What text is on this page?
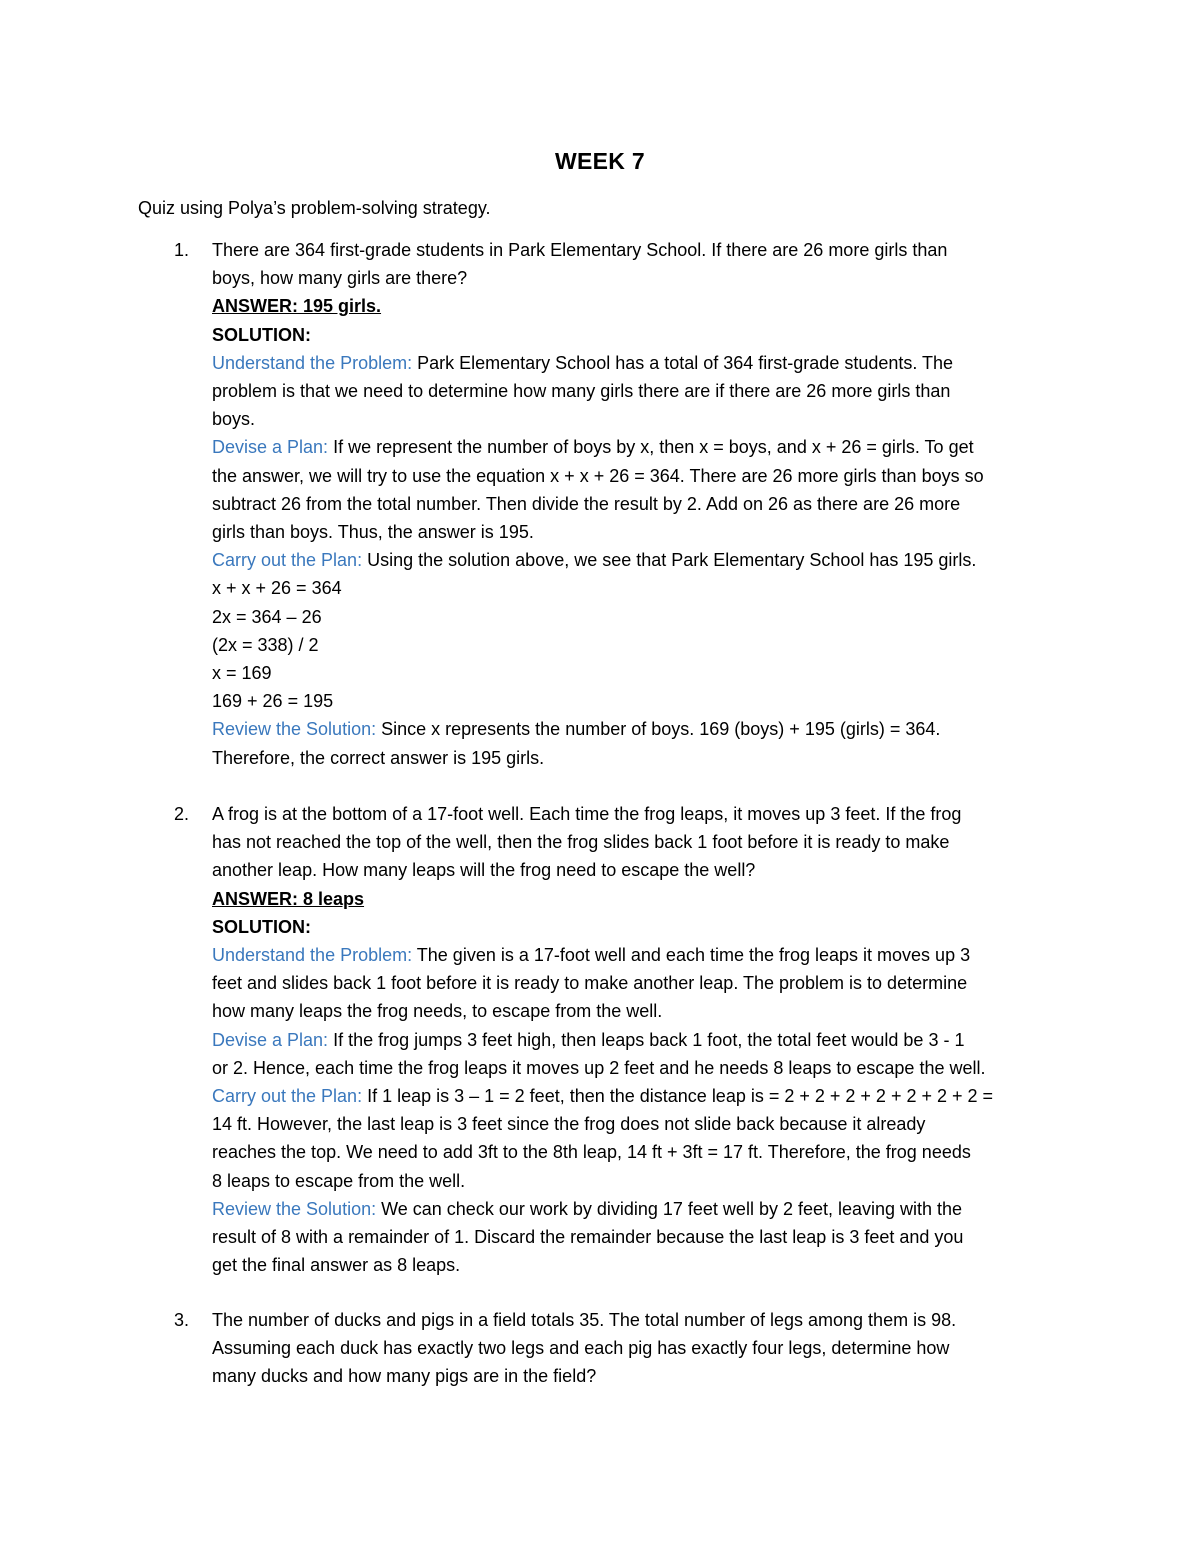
WEEK 7
Quiz using Polya’s problem-solving strategy.
1.	There are 364 first-grade students in Park Elementary School. If there are 26 more girls than
boys, how many girls are there?
ANSWER: 195 girls.
SOLUTION:
Understand the Problem: Park Elementary School has a total of 364 first-grade students. The
problem is that we need to determine how many girls there are if there are 26 more girls than
boys.
Devise a Plan: If we represent the number of boys by x, then x = boys, and x + 26 = girls. To get
the answer, we will try to use the equation x + x + 26 = 364. There are 26 more girls than boys so
subtract 26 from the total number. Then divide the result by 2. Add on 26 as there are 26 more
girls than boys. Thus, the answer is 195.
Carry out the Plan: Using the solution above, we see that Park Elementary School has 195 girls.
x + x + 26 = 364
2x = 364 – 26
(2x = 338) / 2
x = 169
169 + 26 = 195
Review the Solution: Since x represents the number of boys. 169 (boys) + 195 (girls) = 364.
Therefore, the correct answer is 195 girls.
2.	A frog is at the bottom of a 17-foot well. Each time the frog leaps, it moves up 3 feet. If the frog
has not reached the top of the well, then the frog slides back 1 foot before it is ready to make
another leap. How many leaps will the frog need to escape the well?
ANSWER: 8 leaps
SOLUTION:
Understand the Problem: The given is a 17-foot well and each time the frog leaps it moves up 3
feet and slides back 1 foot before it is ready to make another leap. The problem is to determine
how many leaps the frog needs, to escape from the well.
Devise a Plan: If the frog jumps 3 feet high, then leaps back 1 foot, the total feet would be 3 - 1
or 2. Hence, each time the frog leaps it moves up 2 feet and he needs 8 leaps to escape the well.
Carry out the Plan: If 1 leap is 3 – 1 = 2 feet, then the distance leap is = 2 + 2 + 2 + 2 + 2 + 2 + 2 =
14 ft. However, the last leap is 3 feet since the frog does not slide back because it already
reaches the top. We need to add 3ft to the 8th leap, 14 ft + 3ft = 17 ft. Therefore, the frog needs
8 leaps to escape from the well.
Review the Solution: We can check our work by dividing 17 feet well by 2 feet, leaving with the
result of 8 with a remainder of 1. Discard the remainder because the last leap is 3 feet and you
get the final answer as 8 leaps.
3.	The number of ducks and pigs in a field totals 35. The total number of legs among them is 98.
Assuming each duck has exactly two legs and each pig has exactly four legs, determine how
many ducks and how many pigs are in the field?
